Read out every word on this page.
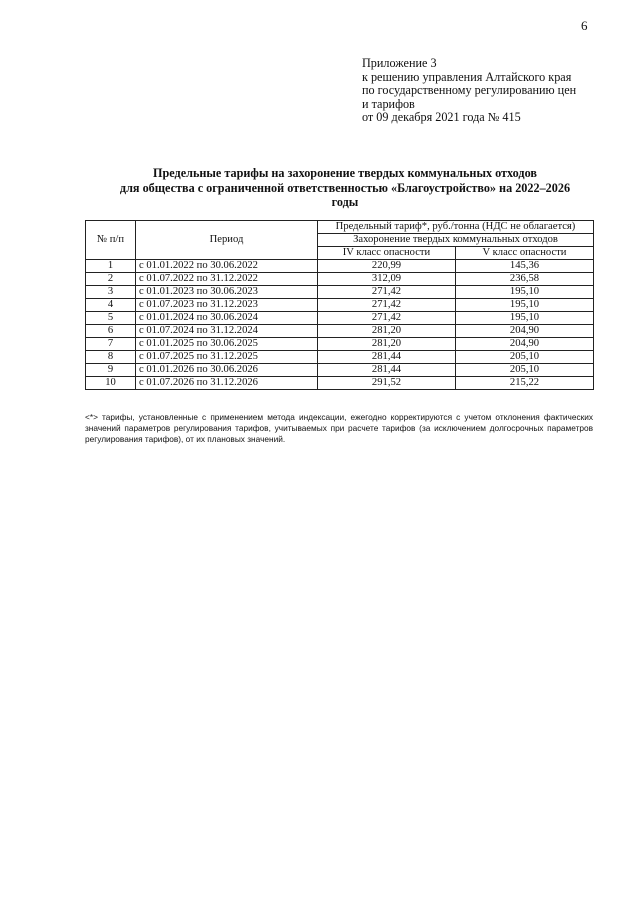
6
Приложение 3
к решению управления Алтайского края
по государственному регулированию цен
и тарифов
от 09 декабря 2021 года № 415
Предельные тарифы на захоронение твердых коммунальных отходов
для общества с ограниченной ответственностью «Благоустройство» на 2022–2026
годы
№ п/п	Период	Предельный тариф*, руб./тонна (НДС не облагается)	
		Захоронение твердых коммунальных отходов	
		IV класс опасности	V класс опасности
1	с 01.01.2022 по 30.06.2022	220,99	145,36
2	с 01.07.2022 по 31.12.2022	312,09	236,58
3	с 01.01.2023 по 30.06.2023	271,42	195,10
4	с 01.07.2023 по 31.12.2023	271,42	195,10
5	с 01.01.2024 по 30.06.2024	271,42	195,10
6	с 01.07.2024 по 31.12.2024	281,20	204,90
7	с 01.01.2025 по 30.06.2025	281,20	204,90
8	с 01.07.2025 по 31.12.2025	281,44	205,10
9	с 01.01.2026 по 30.06.2026	281,44	205,10
10	с 01.07.2026 по 31.12.2026	291,52	215,22
<*> тарифы, установленные с применением метода индексации, ежегодно корректируются с учетом отклонения фактических значений параметров регулирования тарифов, учитываемых при расчете тарифов (за исключением долгосрочных параметров регулирования тарифов), от их плановых значений.
